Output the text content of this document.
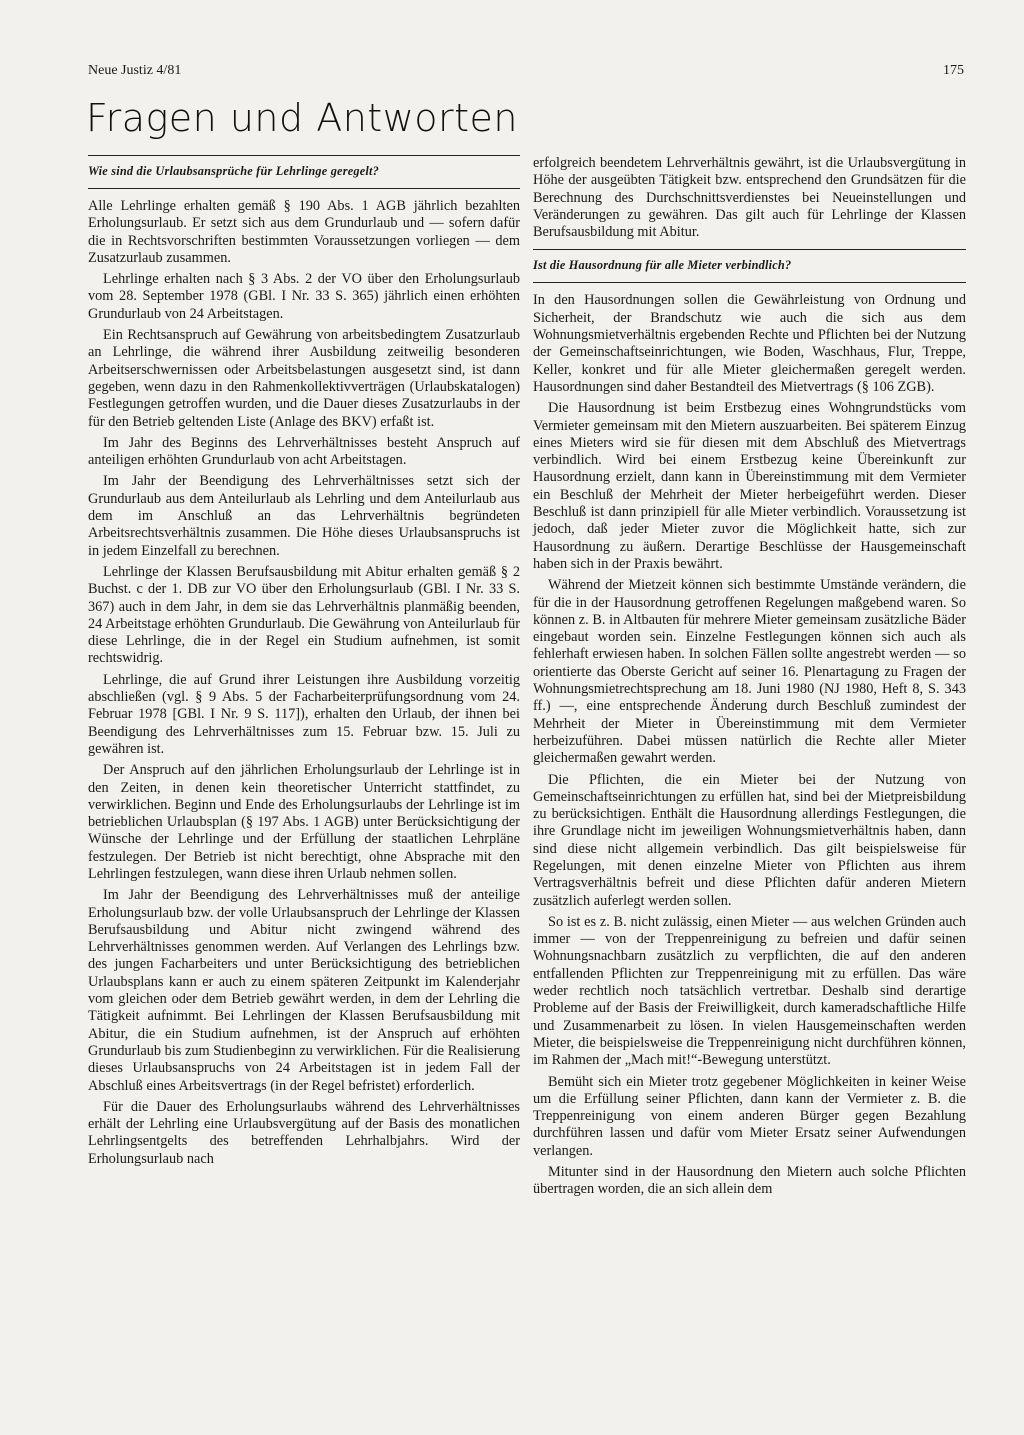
Neue Justiz 4/81	175
Fragen und Antworten
Wie sind die Urlaubsansprüche für Lehrlinge geregelt?

Alle Lehrlinge erhalten gemäß § 190 Abs. 1 AGB jährlich bezahlten Erholungsurlaub. Er setzt sich aus dem Grundurlaub und — sofern dafür die in Rechtsvorschriften bestimmten Voraussetzungen vorliegen — dem Zusatzurlaub zusammen.

Lehrlinge erhalten nach § 3 Abs. 2 der VO über den Erholungsurlaub vom 28. September 1978 (GBl. I Nr. 33 S. 365) jährlich einen erhöhten Grundurlaub von 24 Arbeitstagen.

Ein Rechtsanspruch auf Gewährung von arbeitsbedingtem Zusatzurlaub an Lehrlinge, die während ihrer Ausbildung zeitweilig besonderen Arbeitserschwernissen oder Arbeitsbelastungen ausgesetzt sind, ist dann gegeben, wenn dazu in den Rahmenkollektivverträgen (Urlaubskatalogen) Festlegungen getroffen wurden, und die Dauer dieses Zusatzurlaubs in der für den Betrieb geltenden Liste (Anlage des BKV) erfaßt ist.

Im Jahr des Beginns des Lehrverhältnisses besteht Anspruch auf anteiligen erhöhten Grundurlaub von acht Arbeitstagen.

Im Jahr der Beendigung des Lehrverhältnisses setzt sich der Grundurlaub aus dem Anteilurlaub als Lehrling und dem Anteilurlaub aus dem im Anschluß an das Lehrverhältnis begründeten Arbeitsrechtsverhältnis zusammen. Die Höhe dieses Urlaubsanspruchs ist in jedem Einzelfall zu berechnen.

Lehrlinge der Klassen Berufsausbildung mit Abitur erhalten gemäß § 2 Buchst. c der 1. DB zur VO über den Erholungsurlaub (GBl. I Nr. 33 S. 367) auch in dem Jahr, in dem sie das Lehrverhältnis planmäßig beenden, 24 Arbeitstage erhöhten Grundurlaub. Die Gewährung von Anteilurlaub für diese Lehrlinge, die in der Regel ein Studium aufnehmen, ist somit rechtswidrig.

Lehrlinge, die auf Grund ihrer Leistungen ihre Ausbildung vorzeitig abschließen (vgl. § 9 Abs. 5 der Facharbeiterprüfungsordnung vom 24. Februar 1978 [GBl. I Nr. 9 S. 117]), erhalten den Urlaub, der ihnen bei Beendigung des Lehrverhältnisses zum 15. Februar bzw. 15. Juli zu gewähren ist.

Der Anspruch auf den jährlichen Erholungsurlaub der Lehrlinge ist in den Zeiten, in denen kein theoretischer Unterricht stattfindet, zu verwirklichen. Beginn und Ende des Erholungsurlaubs der Lehrlinge ist im betrieblichen Urlaubsplan (§ 197 Abs. 1 AGB) unter Berücksichtigung der Wünsche der Lehrlinge und der Erfüllung der staatlichen Lehrpläne festzulegen. Der Betrieb ist nicht berechtigt, ohne Absprache mit den Lehrlingen festzulegen, wann diese ihren Urlaub nehmen sollen.

Im Jahr der Beendigung des Lehrverhältnisses muß der anteilige Erholungsurlaub bzw. der volle Urlaubsanspruch der Lehrlinge der Klassen Berufsausbildung und Abitur nicht zwingend während des Lehrverhältnisses genommen werden. Auf Verlangen des Lehrlings bzw. des jungen Facharbeiters und unter Berücksichtigung des betrieblichen Urlaubsplans kann er auch zu einem späteren Zeitpunkt im Kalenderjahr vom gleichen oder dem Betrieb gewährt werden, in dem der Lehrling die Tätigkeit aufnimmt. Bei Lehrlingen der Klassen Berufsausbildung mit Abitur, die ein Studium aufnehmen, ist der Anspruch auf erhöhten Grundurlaub bis zum Studienbeginn zu verwirklichen. Für die Realisierung dieses Urlaubsanspruchs von 24 Arbeitstagen ist in jedem Fall der Abschluß eines Arbeitsvertrags (in der Regel befristet) erforderlich.

Für die Dauer des Erholungsurlaubs während des Lehrverhältnisses erhält der Lehrling eine Urlaubsvergütung auf der Basis des monatlichen Lehrlingsentgelts des betreffenden Lehrhalbjahrs. Wird der Erholungsurlaub nach

erfolgreich beendetem Lehrverhältnis gewährt, ist die Urlaubsvergütung in Höhe der ausgeübten Tätigkeit bzw. entsprechend den Grundsätzen für die Berechnung des Durchschnittsverdienstes bei Neueinstellungen und Veränderungen zu gewähren. Das gilt auch für Lehrlinge der Klassen Berufsausbildung mit Abitur.

Ist die Hausordnung für alle Mieter verbindlich?

In den Hausordnungen sollen die Gewährleistung von Ordnung und Sicherheit, der Brandschutz wie auch die sich aus dem Wohnungsmietverhältnis ergebenden Rechte und Pflichten bei der Nutzung der Gemeinschaftseinrichtungen, wie Boden, Waschhaus, Flur, Treppe, Keller, konkret und für alle Mieter gleichermaßen geregelt werden. Hausordnungen sind daher Bestandteil des Mietvertrags (§ 106 ZGB).

Die Hausordnung ist beim Erstbezug eines Wohngrundstücks vom Vermieter gemeinsam mit den Mietern auszuarbeiten. Bei späterem Einzug eines Mieters wird sie für diesen mit dem Abschluß des Mietvertrags verbindlich. Wird bei einem Erstbezug keine Übereinkunft zur Hausordnung erzielt, dann kann in Übereinstimmung mit dem Vermieter ein Beschluß der Mehrheit der Mieter herbeigeführt werden. Dieser Beschluß ist dann prinzipiell für alle Mieter verbindlich. Voraussetzung ist jedoch, daß jeder Mieter zuvor die Möglichkeit hatte, sich zur Hausordnung zu äußern. Derartige Beschlüsse der Hausgemeinschaft haben sich in der Praxis bewährt.

Während der Mietzeit können sich bestimmte Umstände verändern, die für die in der Hausordnung getroffenen Regelungen maßgebend waren. So können z. B. in Altbauten für mehrere Mieter gemeinsam zusätzliche Bäder eingebaut worden sein. Einzelne Festlegungen können sich auch als fehlerhaft erwiesen haben. In solchen Fällen sollte angestrebt werden — so orientierte das Oberste Gericht auf seiner 16. Plenartagung zu Fragen der Wohnungsmietrechtsprechung am 18. Juni 1980 (NJ 1980, Heft 8, S. 343 ff.) —, eine entsprechende Änderung durch Beschluß zumindest der Mehrheit der Mieter in Übereinstimmung mit dem Vermieter herbeizuführen. Dabei müssen natürlich die Rechte aller Mieter gleichermaßen gewahrt werden.

Die Pflichten, die ein Mieter bei der Nutzung von Gemeinschaftseinrichtungen zu erfüllen hat, sind bei der Mietpreisbildung zu berücksichtigen. Enthält die Hausordnung allerdings Festlegungen, die ihre Grundlage nicht im jeweiligen Wohnungsmietverhältnis haben, dann sind diese nicht allgemein verbindlich. Das gilt beispielsweise für Regelungen, mit denen einzelne Mieter von Pflichten aus ihrem Vertragsverhältnis befreit und diese Pflichten dafür anderen Mietern zusätzlich auferlegt werden sollen.

So ist es z. B. nicht zulässig, einen Mieter — aus welchen Gründen auch immer — von der Treppenreinigung zu befreien und dafür seinen Wohnungsnachbarn zusätzlich zu verpflichten, die auf den anderen entfallenden Pflichten zur Treppenreinigung mit zu erfüllen. Das wäre weder rechtlich noch tatsächlich vertretbar. Deshalb sind derartige Probleme auf der Basis der Freiwilligkeit, durch kameradschaftliche Hilfe und Zusammenarbeit zu lösen. In vielen Hausgemeinschaften werden Mieter, die beispielsweise die Treppenreinigung nicht durchführen können, im Rahmen der „Mach mit!“-Bewegung unterstützt.

Bemüht sich ein Mieter trotz gegebener Möglichkeiten in keiner Weise um die Erfüllung seiner Pflichten, dann kann der Vermieter z. B. die Treppenreinigung von einem anderen Bürger gegen Bezahlung durchführen lassen und dafür vom Mieter Ersatz seiner Aufwendungen verlangen.

Mitunter sind in der Hausordnung den Mietern auch solche Pflichten übertragen worden, die an sich allein dem
